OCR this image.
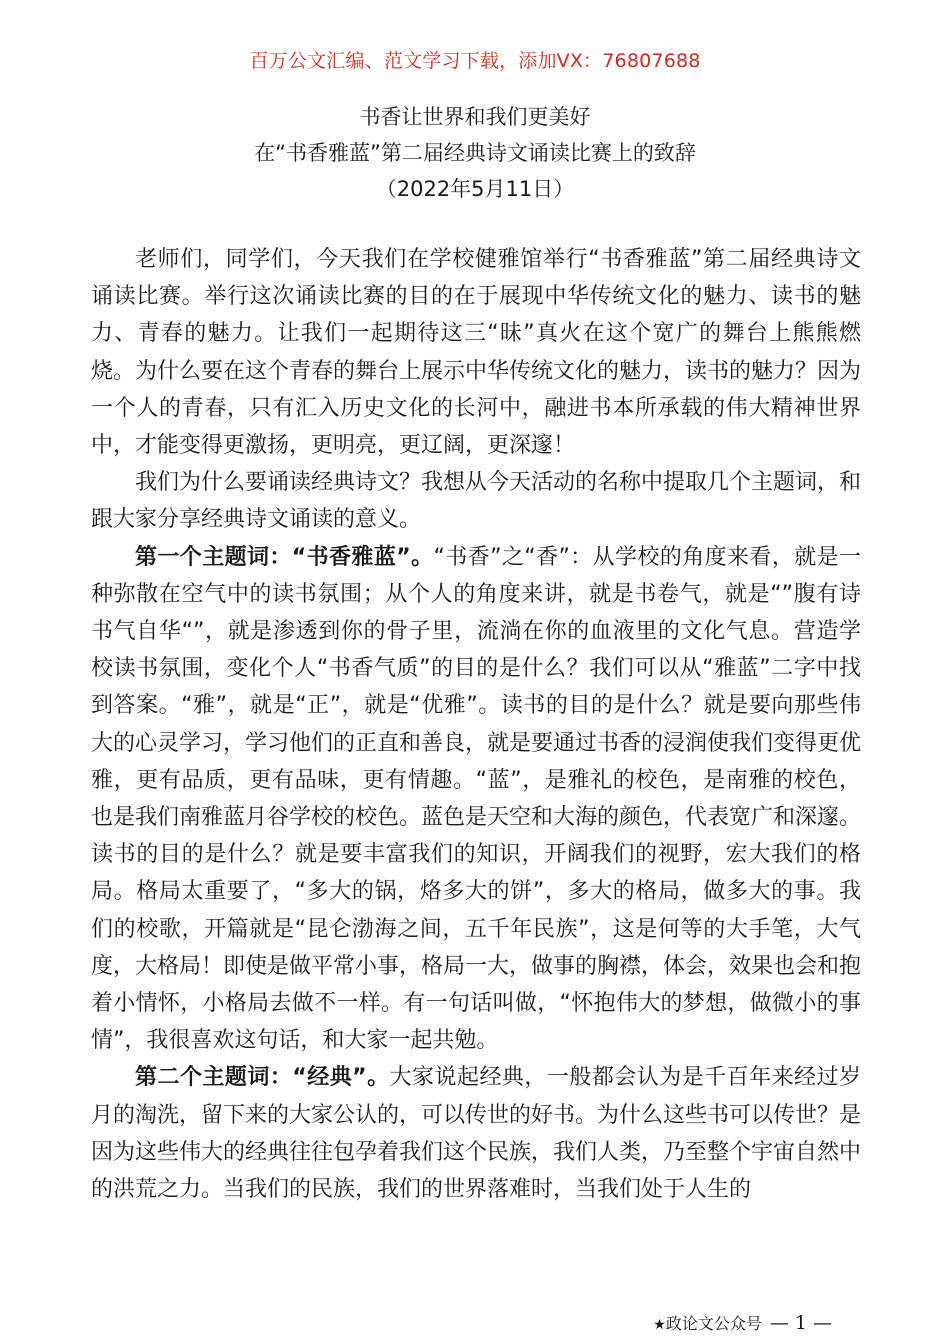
百万公文汇编、范文学习下载，添加VX：76807688
书香让世界和我们更美好
在“书香雅蓝”第二届经典诗文诵读比赛上的致辞
（2022年5月11日）

老师们，同学们，今天我们在学校健雅馆举行“书香雅蓝”第二届经典诗文诵读比赛。举行这次诵读比赛的目的在于展现中华传统文化的魅力、读书的魅力、青春的魅力。让我们一起期待这三“昧”真火在这个宽广的舞台上熊熊燃烧。为什么要在这个青春的舞台上展示中华传统文化的魅力，读书的魅力？因为一个人的青春，只有汇入历史文化的长河中，融进书本所承载的伟大精神世界中，才能变得更激扬，更明亮，更辽阔，更深邃！

我们为什么要诵读经典诗文？我想从今天活动的名称中提取几个主题词，和跟大家分享经典诗文诵读的意义。

第一个主题词：“书香雅蓝”。“书香”之“香”：从学校的角度来看，就是一种弥散在空气中的读书氛围；从个人的角度来讲，就是书卷气，就是“”腹有诗书气自华“”，就是渗透到你的骨子里，流淌在你的血液里的文化气息。营造学校读书氛围，变化个人“书香气质”的目的是什么？我们可以从“雅蓝”二字中找到答案。“雅”，就是“正”，就是“优雅”。读书的目的是什么？就是要向那些伟大的心灵学习，学习他们的正直和善良，就是要通过书香的浸润使我们变得更优雅，更有品质，更有品味，更有情趣。“蓝”，是雅礼的校色，是南雅的校色，也是我们南雅蓝月谷学校的校色。蓝色是天空和大海的颜色，代表宽广和深邃。读书的目的是什么？就是要丰富我们的知识，开阔我们的视野，宏大我们的格局。格局太重要了，“多大的锅，烙多大的饼”，多大的格局，做多大的事。我们的校歌，开篇就是“昆仑渤海之间，五千年民族”，这是何等的大手笔，大气度，大格局！即使是做平常小事，格局一大，做事的胸襟，体会，效果也会和抱着小情怀，小格局去做不一样。有一句话叫做，“怀抱伟大的梦想，做微小的事情”，我很喜欢这句话，和大家一起共勉。

第二个主题词：“经典”。大家说起经典，一般都会认为是千百年来经过岁月的淘洗，留下来的大家公认的，可以传世的好书。为什么这些书可以传世？是因为这些伟大的经典往往包孕着我们这个民族，我们人类，乃至整个宇宙自然中的洪荒之力。当我们的民族，我们的世界落难时，当我们处于人生的

★政论文公众号 — 1 —
